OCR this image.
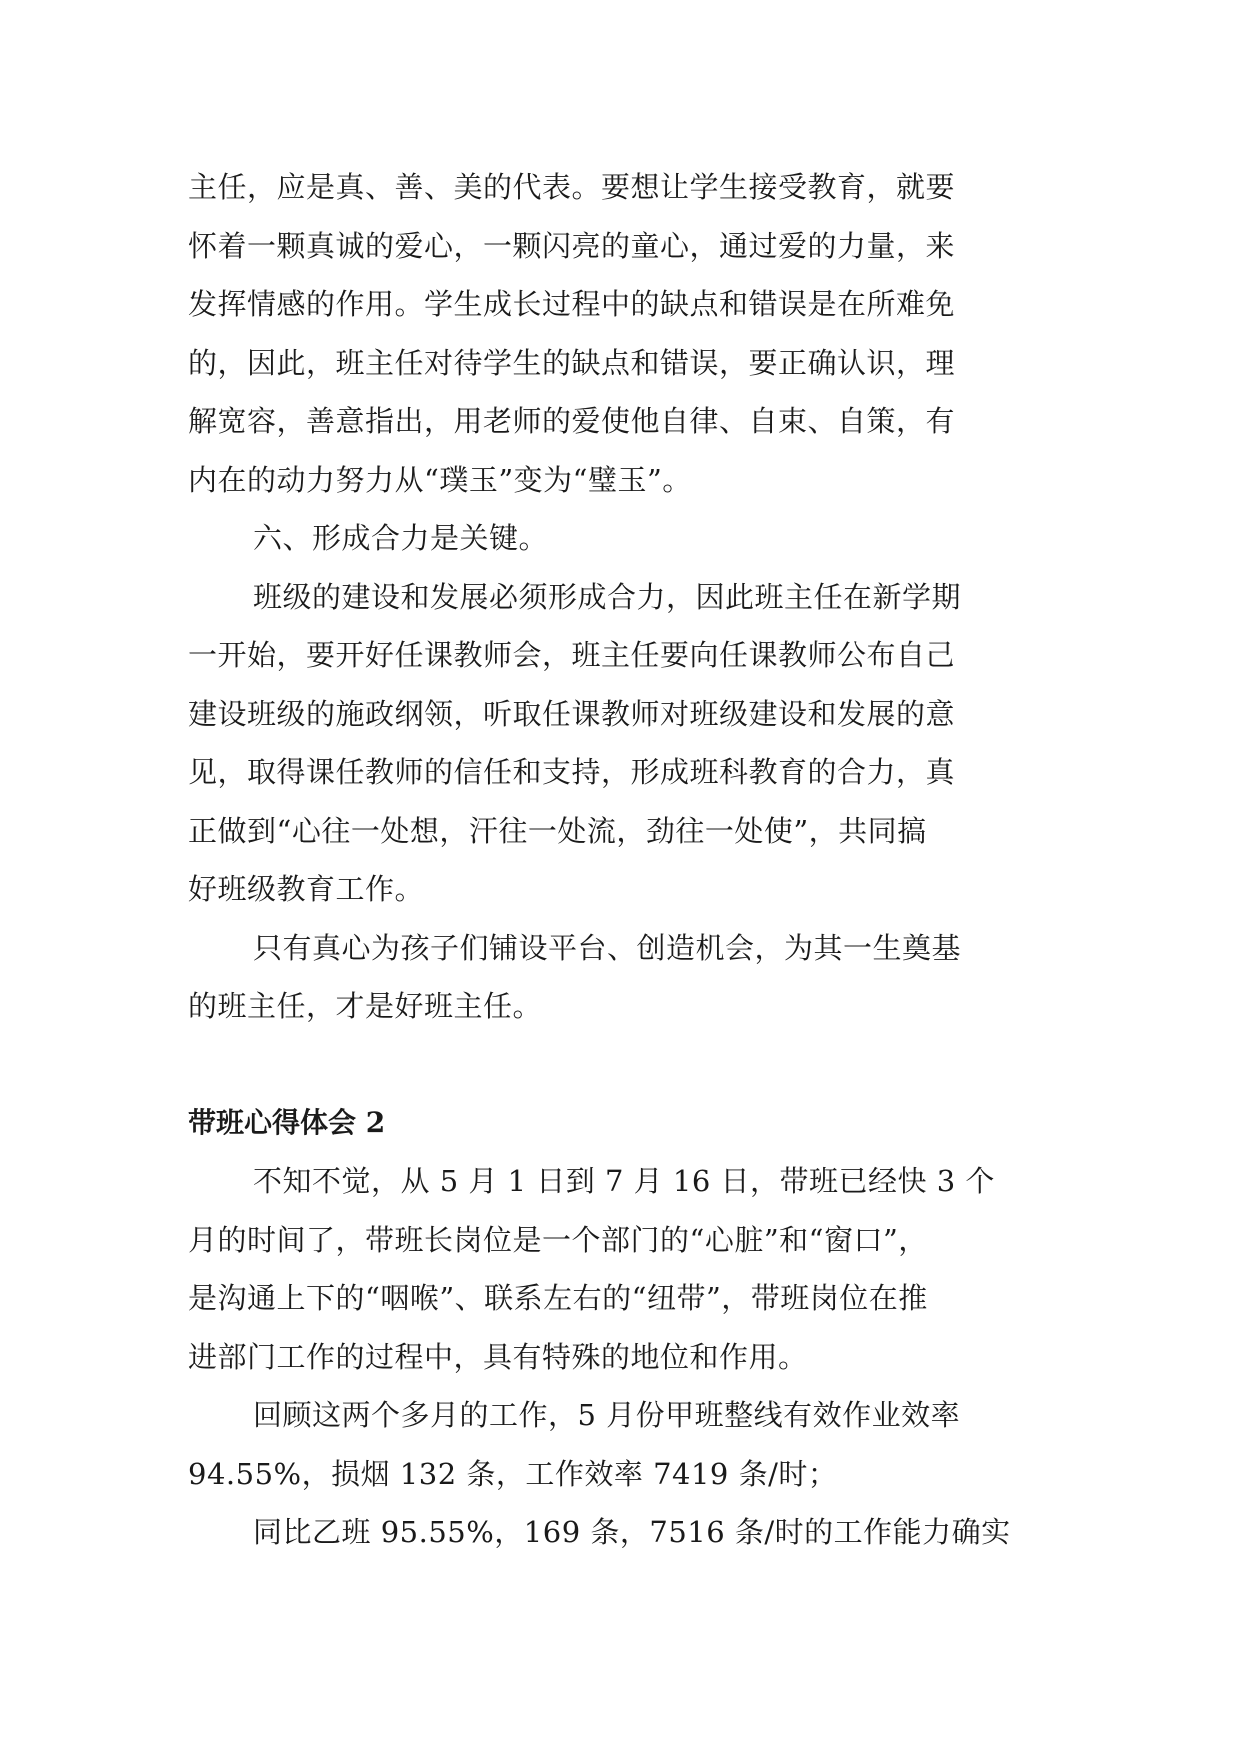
主任，应是真、善、美的代表。要想让学生接受教育，就要
怀着一颗真诚的爱心，一颗闪亮的童心，通过爱的力量，来
发挥情感的作用。学生成长过程中的缺点和错误是在所难免
的，因此，班主任对待学生的缺点和错误，要正确认识，理
解宽容，善意指出，用老师的爱使他自律、自束、自策，有
内在的动力努力从“璞玉”变为“璧玉”。

六、形成合力是关键。

班级的建设和发展必须形成合力，因此班主任在新学期
一开始，要开好任课教师会，班主任要向任课教师公布自己
建设班级的施政纲领，听取任课教师对班级建设和发展的意
见，取得课任教师的信任和支持，形成班科教育的合力，真
正做到“心往一处想，汗往一处流，劲往一处使”，共同搞
好班级教育工作。

只有真心为孩子们铺设平台、创造机会，为其一生奠基
的班主任，才是好班主任。

带班心得体会 2

不知不觉，从 5 月 1 日到 7 月 16 日，带班已经快 3 个
月的时间了，带班长岗位是一个部门的“心脏”和“窗口”，
是沟通上下的“咽喉”、联系左右的“纽带”，带班岗位在推
进部门工作的过程中，具有特殊的地位和作用。

回顾这两个多月的工作，5 月份甲班整线有效作业效率
94.55%，损烟 132 条，工作效率 7419 条/时；

同比乙班 95.55%，169 条，7516 条/时的工作能力确实
